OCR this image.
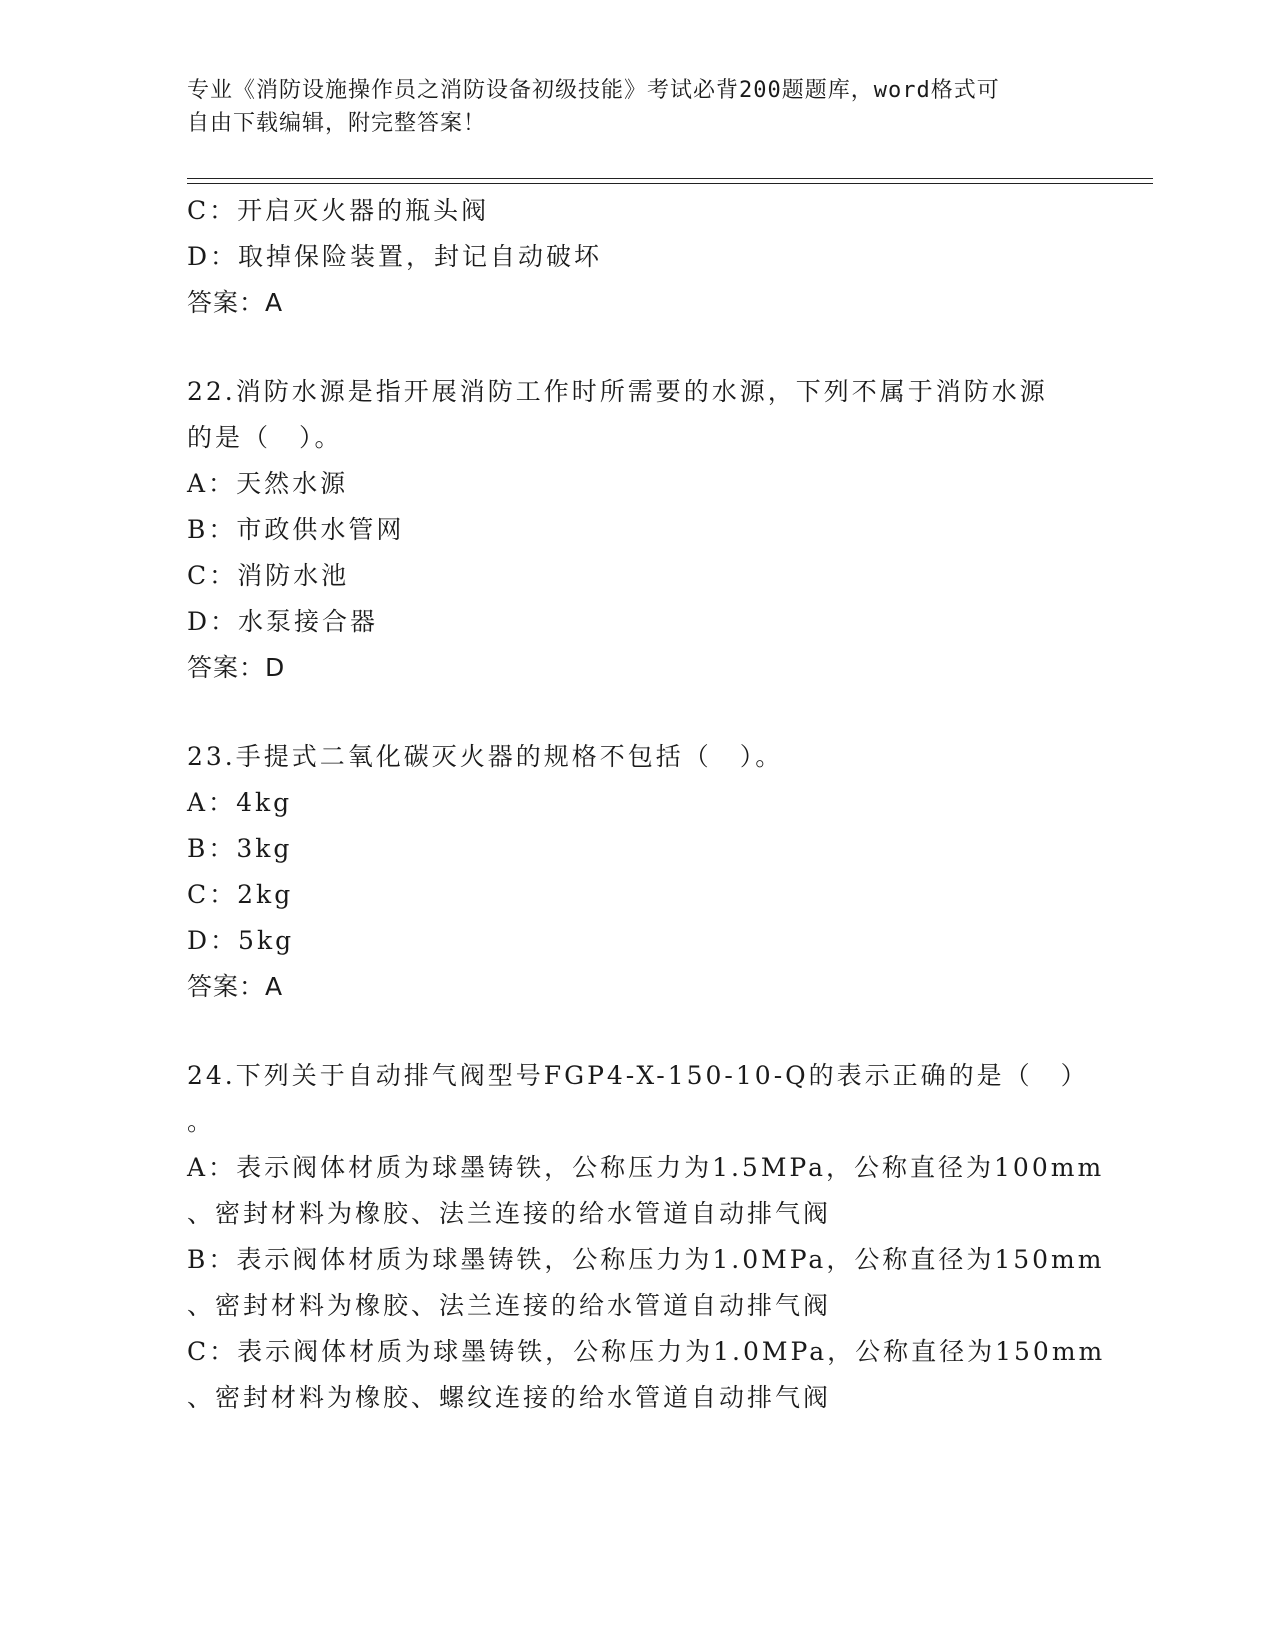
专业《消防设施操作员之消防设备初级技能》考试必背200题题库，word格式可
自由下载编辑，附完整答案！
C：开启灭火器的瓶头阀
D：取掉保险装置，封记自动破坏
答案：A
22.消防水源是指开展消防工作时所需要的水源，下列不属于消防水源
的是（　）。
A：天然水源
B：市政供水管网
C：消防水池
D：水泵接合器
答案：D
23.手提式二氧化碳灭火器的规格不包括（　）。
A：4kg
B：3kg
C：2kg
D：5kg
答案：A
24.下列关于自动排气阀型号FGP4-X-150-10-Q的表示正确的是（　）
。
A：表示阀体材质为球墨铸铁，公称压力为1.5MPa，公称直径为100mm
、密封材料为橡胶、法兰连接的给水管道自动排气阀
B：表示阀体材质为球墨铸铁，公称压力为1.0MPa，公称直径为150mm
、密封材料为橡胶、法兰连接的给水管道自动排气阀
C：表示阀体材质为球墨铸铁，公称压力为1.0MPa，公称直径为150mm
、密封材料为橡胶、螺纹连接的给水管道自动排气阀
